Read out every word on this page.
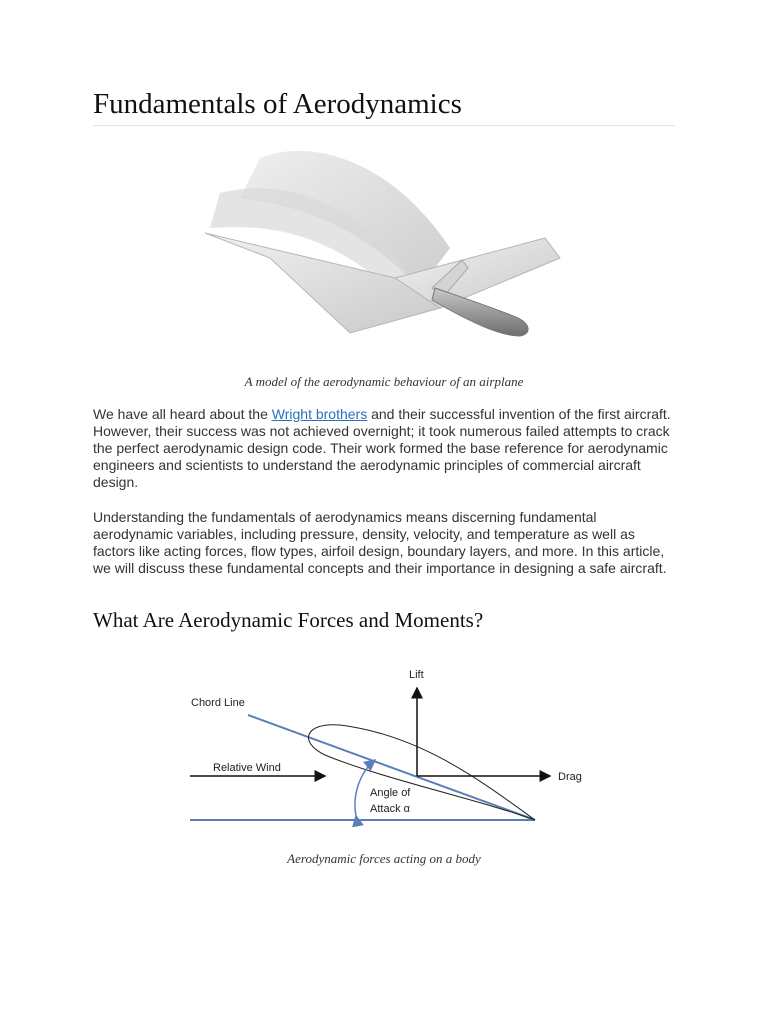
Fundamentals of Aerodynamics
A model of the aerodynamic behaviour of an airplane

We have all heard about the Wright brothers and their successful invention of the first aircraft. However, their success was not achieved overnight; it took numerous failed attempts to crack the perfect aerodynamic design code. Their work formed the base reference for aerodynamic engineers and scientists to understand the aerodynamic principles of commercial aircraft design.

Understanding the fundamentals of aerodynamics means discerning fundamental aerodynamic variables, including pressure, density, velocity, and temperature as well as factors like acting forces, flow types, airfoil design, boundary layers, and more. In this article, we will discuss these fundamental concepts and their importance in designing a safe aircraft.

What Are Aerodynamic Forces and Moments?
Lift
Drag
Chord Line
Relative Wind
Angle of
Attack α
Aerodynamic forces acting on a body
